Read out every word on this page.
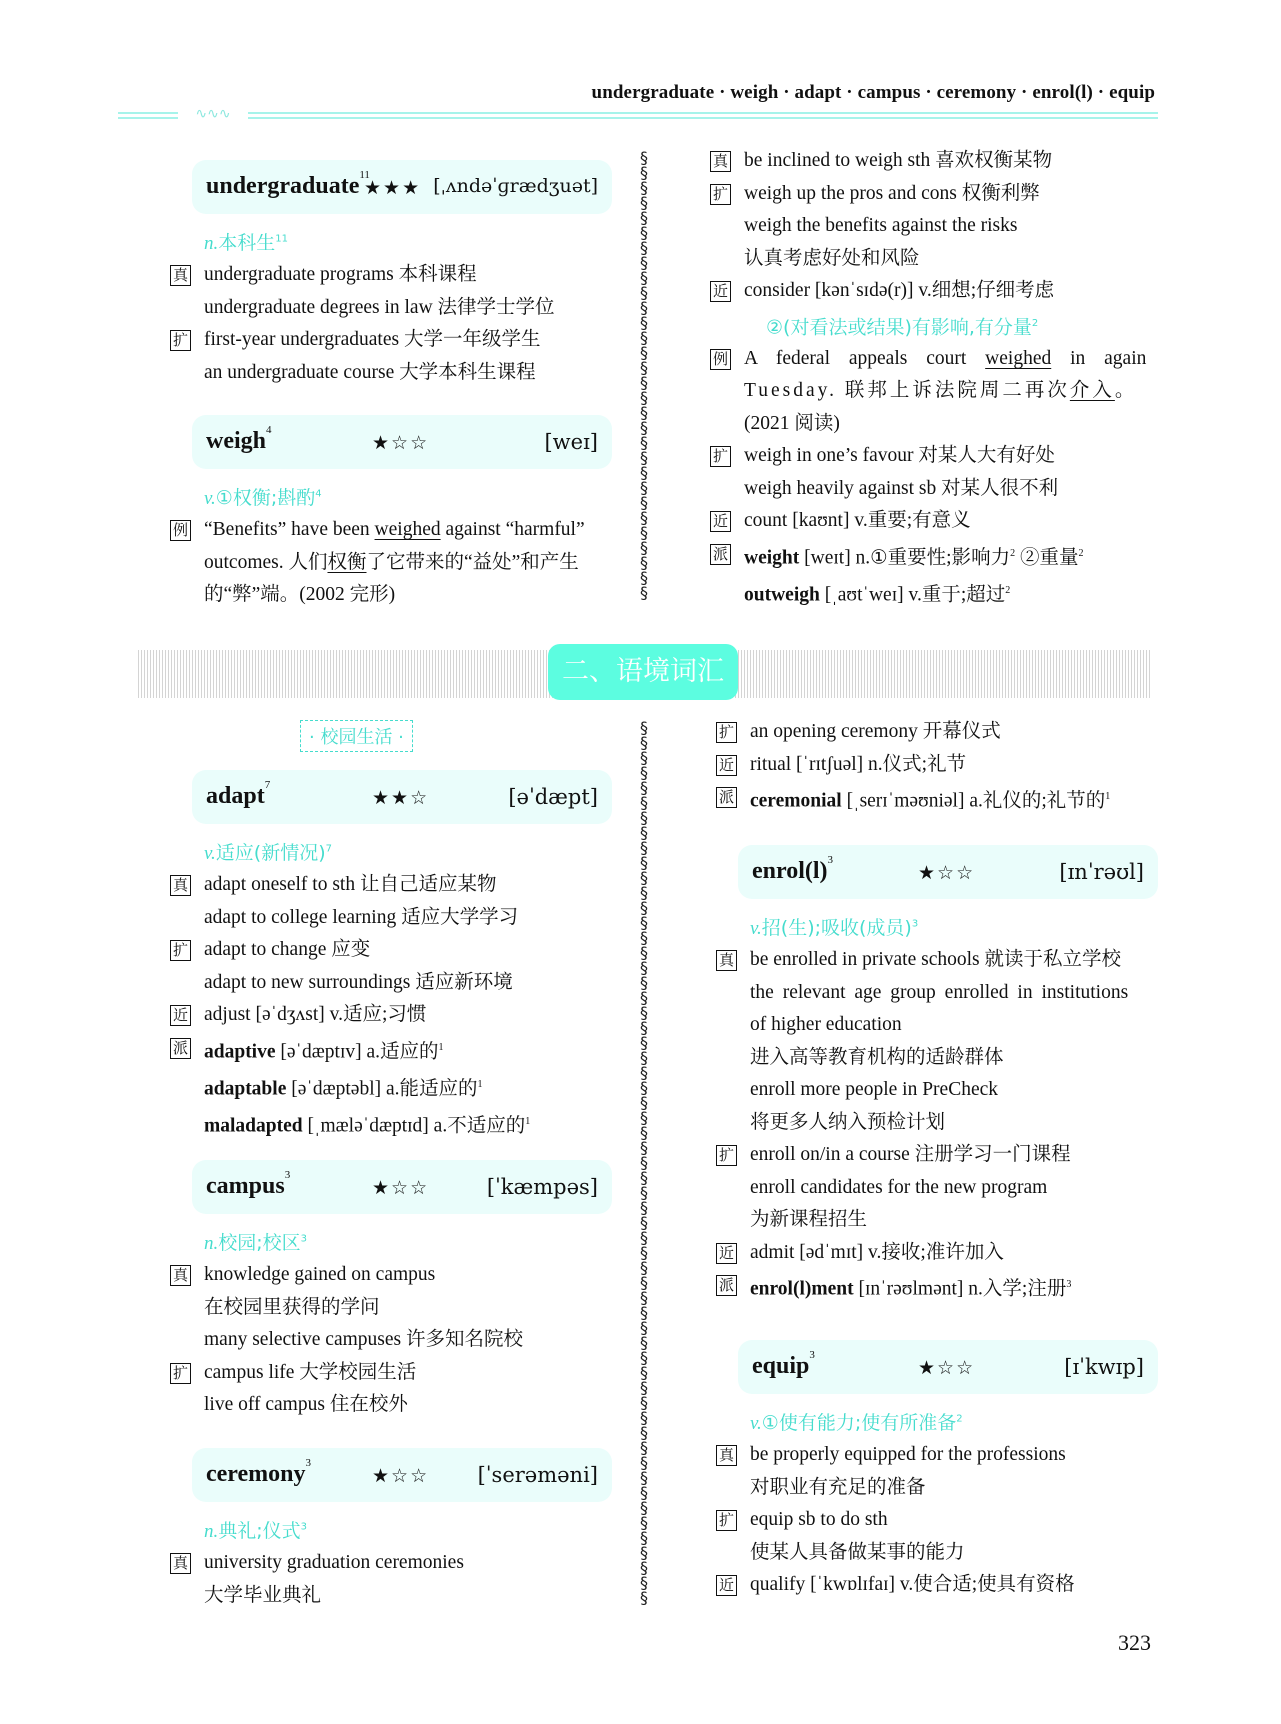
undergraduate · weigh · adapt · campus · ceremony · enrol(l) · equip
∿∿∿
§
§
§
§
§
§
§
§
§
§
§
§
§
§
§
§
§
§
§
§
§
§
§
§
§
§
§
§
§
§
§
§
§
§
§
§
§
§
§
§
§
§
§
§
§
§
§
§
§
§
§
§
§
§
§
§
§
§
§
§
§
§
§
§
§
§
§
§
§
§
§
§
§
§
§
§
§
§
§
§
§
§
§
§
§
§
§
§
§
undergraduate$^{11}$
★★★ [ˌʌndəˈɡrædʒuət]
n.本科生$^{11}$
真 undergraduate programs 本科课程
undergraduate degrees in law 法律学士学位
扩 first-year undergraduates 大学一年级学生
an undergraduate course 大学本科生课程
weigh$^4$
★☆☆	[weɪ]
v.①权衡;斟酌$^4$
例 “Benefits” have been weighed against “harmful”
outcomes. 人们权衡了它带来的“益处”和产生
的“弊”端。(2002 完形)
真 be inclined to weigh sth 喜欢权衡某物
扩 weigh up the pros and cons 权衡利弊
weigh the benefits against the risks
认真考虑好处和风险
近 consider [kənˈsɪdə(r)] v.细想;仔细考虑
②(对看法或结果)有影响,有分量$^2$
例 A federal appeals court weighed in again
Tuesday. 联邦上诉法院周二再次介入。
(2021 阅读)
扩 weigh in one’s favour 对某人大有好处
weigh heavily against sb 对某人很不利
近 count [kaʊnt] v.重要;有意义
派 weight [weɪt] n.①重要性;影响力$^2$ ②重量$^2$
outweigh [ˌaʊtˈweɪ] v.重于;超过$^2$
二、语境词汇
· 校园生活 ·
adapt$^7$
★★☆	[əˈdæpt]
v.适应(新情况)$^7$
真 adapt oneself to sth 让自己适应某物
adapt to college learning 适应大学学习
扩 adapt to change 应变
adapt to new surroundings 适应新环境
近 adjust [əˈdʒʌst] v.适应;习惯
派 adaptive [əˈdæptɪv] a.适应的$^1$
adaptable [əˈdæptəbl] a.能适应的$^1$
maladapted [ˌmæləˈdæptɪd] a.不适应的$^1$
campus$^3$
★☆☆	[ˈkæmpəs]
n.校园;校区$^3$
真 knowledge gained on campus
在校园里获得的学问
many selective campuses 许多知名院校
扩 campus life 大学校园生活
live off campus 住在校外
ceremony$^3$
★☆☆ [ˈserəməni]
n.典礼;仪式$^3$
真 university graduation ceremonies
大学毕业典礼
扩 an opening ceremony 开幕仪式
近 ritual [ˈrɪtʃuəl] n.仪式;礼节
派 ceremonial [ˌserɪˈməʊniəl] a.礼仪的;礼节的$^1$
$enrol(l)^3$
★☆☆	[ɪnˈrəʊl]
v.招(生);吸收(成员)$^3$
真 be enrolled in private schools 就读于私立学校
the relevant age group enrolled in institutions
of higher education
进入高等教育机构的适龄群体
enroll more people in PreCheck
将更多人纳入预检计划
扩 enroll on/in a course 注册学习一门课程
enroll candidates for the new program
为新课程招生
近 admit [ədˈmɪt] v.接收;准许加入
派 enrol(l)ment [ɪnˈrəʊlmənt] n.入学;注册$^3$
equip$^3$
★☆☆	[ɪˈkwɪp]
v.①使有能力;使有所准备$^2$
真 be properly equipped for the professions
对职业有充足的准备
扩 equip sb to do sth
使某人具备做某事的能力
近 qualify [ˈkwɒlɪfaɪ] v.使合适;使具有资格
323
